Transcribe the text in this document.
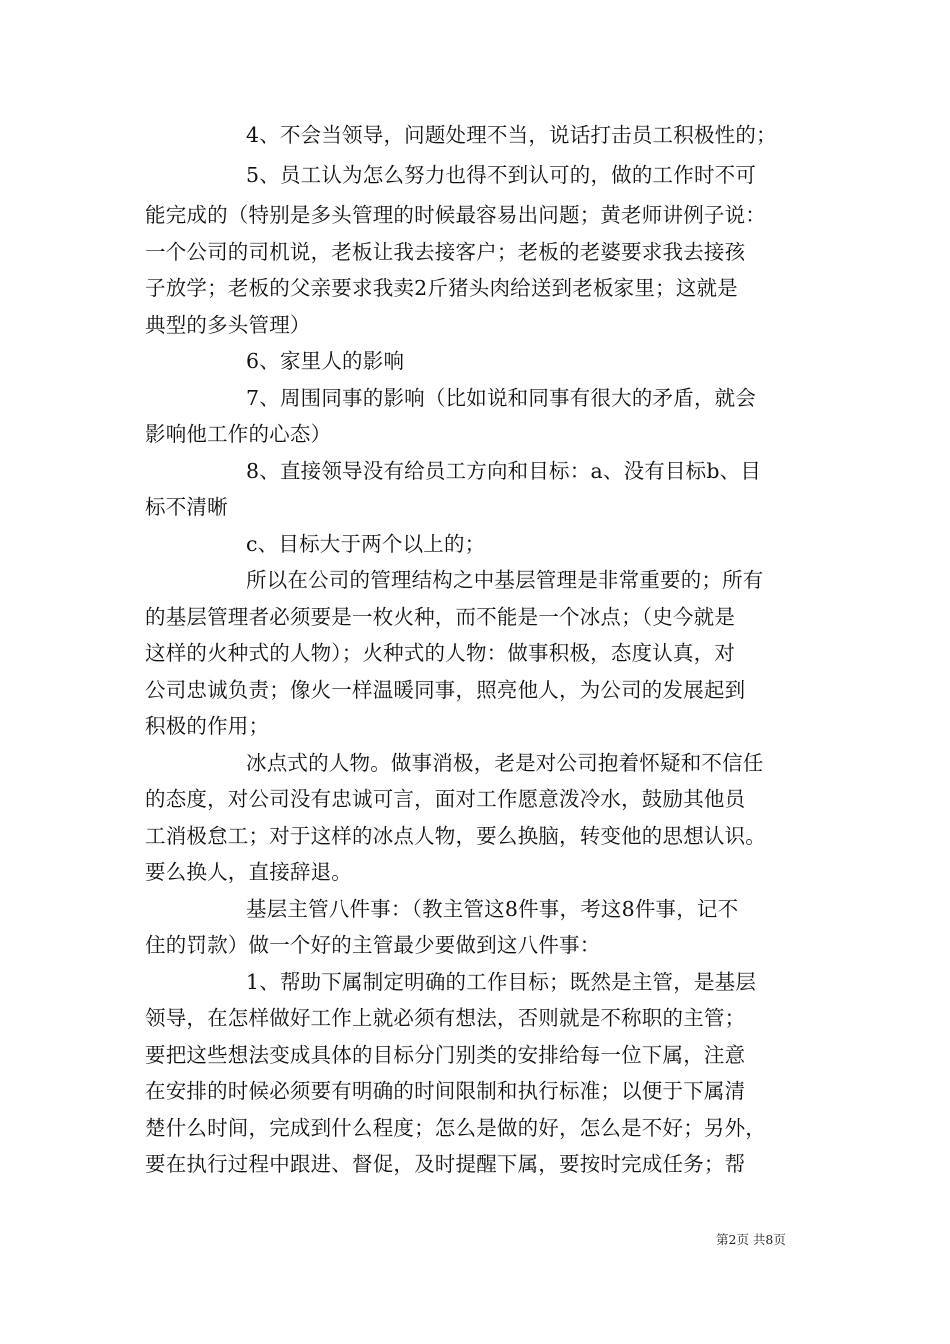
4、不会当领导，问题处理不当，说话打击员工积极性的；
5、员工认为怎么努力也得不到认可的，做的工作时不可
能完成的（特别是多头管理的时候最容易出问题；黄老师讲例子说：
一个公司的司机说，老板让我去接客户；老板的老婆要求我去接孩
子放学；老板的父亲要求我卖2斤猪头肉给送到老板家里；这就是
典型的多头管理）
6、家里人的影响
7、周围同事的影响（比如说和同事有很大的矛盾，就会
影响他工作的心态）
8、直接领导没有给员工方向和目标：a、没有目标b、目
标不清晰
c、目标大于两个以上的；
所以在公司的管理结构之中基层管理是非常重要的；所有
的基层管理者必须要是一枚火种，而不能是一个冰点；（史今就是
这样的火种式的人物）；火种式的人物：做事积极，态度认真，对
公司忠诚负责；像火一样温暖同事，照亮他人，为公司的发展起到
积极的作用；
冰点式的人物。做事消极，老是对公司抱着怀疑和不信任
的态度，对公司没有忠诚可言，面对工作愿意泼冷水，鼓励其他员
工消极怠工；对于这样的冰点人物，要么换脑，转变他的思想认识。
要么换人，直接辞退。
基层主管八件事：（教主管这8件事，考这8件事，记不
住的罚款）做一个好的主管最少要做到这八件事：
1、帮助下属制定明确的工作目标；既然是主管，是基层
领导，在怎样做好工作上就必须有想法，否则就是不称职的主管；
要把这些想法变成具体的目标分门别类的安排给每一位下属，注意
在安排的时候必须要有明确的时间限制和执行标准；以便于下属清
楚什么时间，完成到什么程度；怎么是做的好，怎么是不好；另外，
要在执行过程中跟进、督促，及时提醒下属，要按时完成任务；帮
第2页 共8页
